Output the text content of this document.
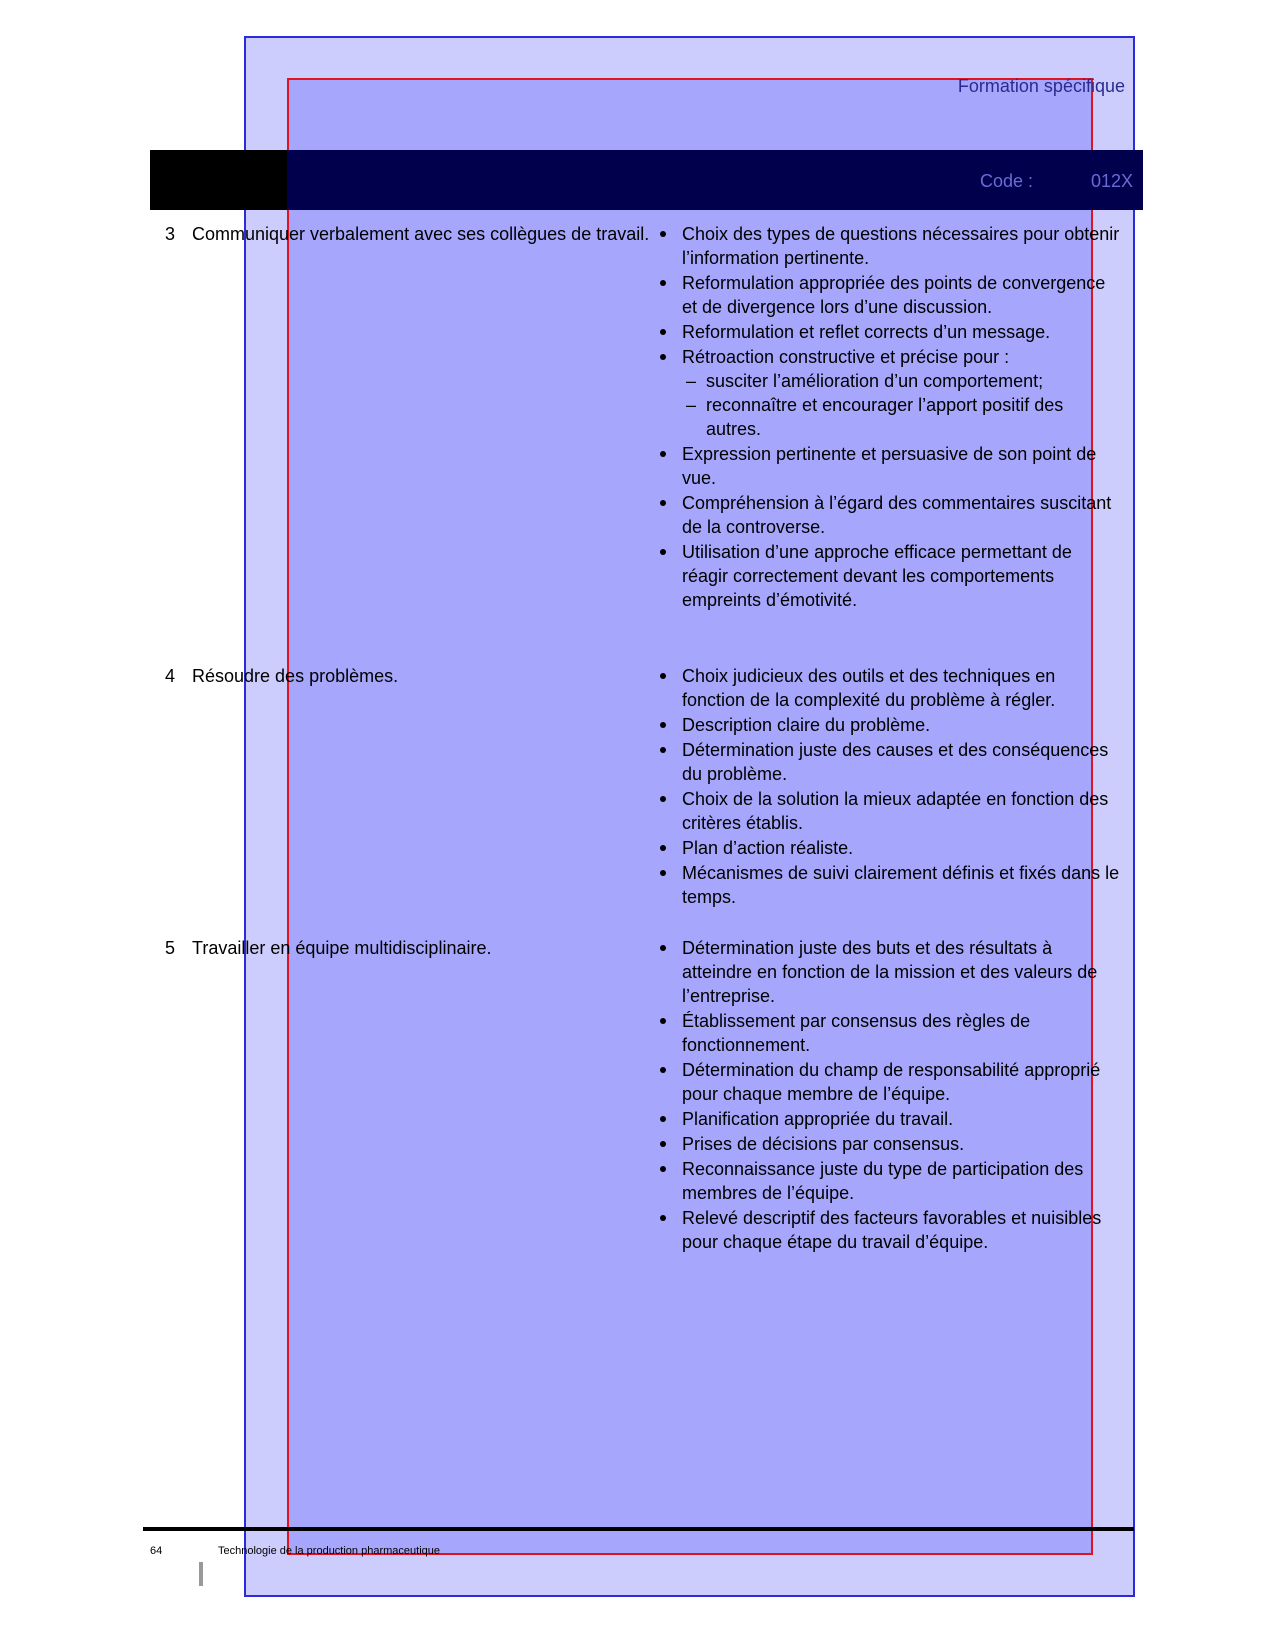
Formation spécifique
Code :	012X
3 Communiquer verbalement avec ses collègues de travail.	Choix des types de questions nécessaires pour obtenir l’information pertinente.
Reformulation appropriée des points de convergence et de divergence lors d’une discussion.
Reformulation et reflet corrects d’un message.
Rétroaction constructive et précise pour :
– susciter l’amélioration d’un comportement;
– reconnaître et encourager l’apport positif des autres.
Expression pertinente et persuasive de son point de vue.
Compréhension à l’égard des commentaires suscitant de la controverse.
Utilisation d’une approche efficace permettant de réagir correctement devant les comportements empreints d’émotivité.
4 Résoudre des problèmes.	Choix judicieux des outils et des techniques en fonction de la complexité du problème à régler.
Description claire du problème.
Détermination juste des causes et des conséquences du problème.
Choix de la solution la mieux adaptée en fonction des critères établis.
Plan d’action réaliste.
Mécanismes de suivi clairement définis et fixés dans le temps.
5 Travailler en équipe multidisciplinaire.	Détermination juste des buts et des résultats à atteindre en fonction de la mission et des valeurs de l’entreprise.
Établissement par consensus des règles de fonctionnement.
Détermination du champ de responsabilité approprié pour chaque membre de l’équipe.
Planification appropriée du travail.
Prises de décisions par consensus.
Reconnaissance juste du type de participation des membres de l’équipe.
Relevé descriptif des facteurs favorables et nuisibles pour chaque étape du travail d’équipe.
64	Technologie de la production pharmaceutique
